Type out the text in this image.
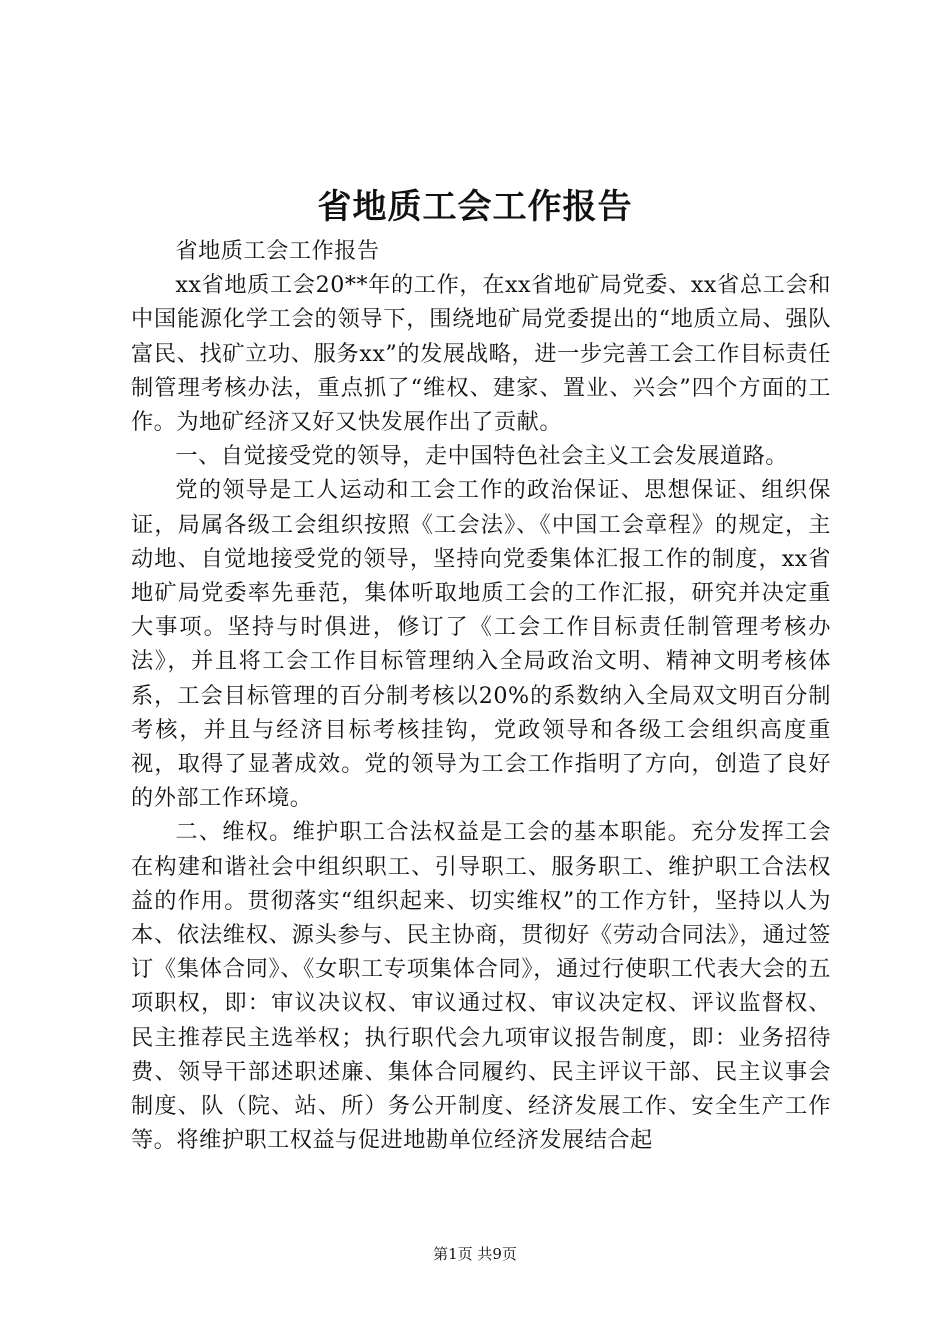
省地质工会工作报告

省地质工会工作报告

xx省地质工会20**年的工作，在xx省地矿局党委、xx省总工会和中国能源化学工会的领导下，围绕地矿局党委提出的“地质立局、强队富民、找矿立功、服务xx”的发展战略，进一步完善工会工作目标责任制管理考核办法，重点抓了“维权、建家、置业、兴会”四个方面的工作。为地矿经济又好又快发展作出了贡献。

一、自觉接受党的领导，走中国特色社会主义工会发展道路。

党的领导是工人运动和工会工作的政治保证、思想保证、组织保证，局属各级工会组织按照《工会法》、《中国工会章程》的规定，主动地、自觉地接受党的领导，坚持向党委集体汇报工作的制度，xx省地矿局党委率先垂范，集体听取地质工会的工作汇报，研究并决定重大事项。坚持与时俱进，修订了《工会工作目标责任制管理考核办法》，并且将工会工作目标管理纳入全局政治文明、精神文明考核体系，工会目标管理的百分制考核以20%的系数纳入全局双文明百分制考核，并且与经济目标考核挂钩，党政领导和各级工会组织高度重视，取得了显著成效。党的领导为工会工作指明了方向，创造了良好的外部工作环境。

二、维权。维护职工合法权益是工会的基本职能。充分发挥工会在构建和谐社会中组织职工、引导职工、服务职工、维护职工合法权益的作用。贯彻落实“组织起来、切实维权”的工作方针，坚持以人为本、依法维权、源头参与、民主协商，贯彻好《劳动合同法》，通过签订《集体合同》、《女职工专项集体合同》，通过行使职工代表大会的五项职权，即：审议决议权、审议通过权、审议决定权、评议监督权、民主推荐民主选举权；执行职代会九项审议报告制度，即：业务招待费、领导干部述职述廉、集体合同履约、民主评议干部、民主议事会制度、队（院、站、所）务公开制度、经济发展工作、安全生产工作等。将维护职工权益与促进地勘单位经济发展结合起

第1页 共9页
